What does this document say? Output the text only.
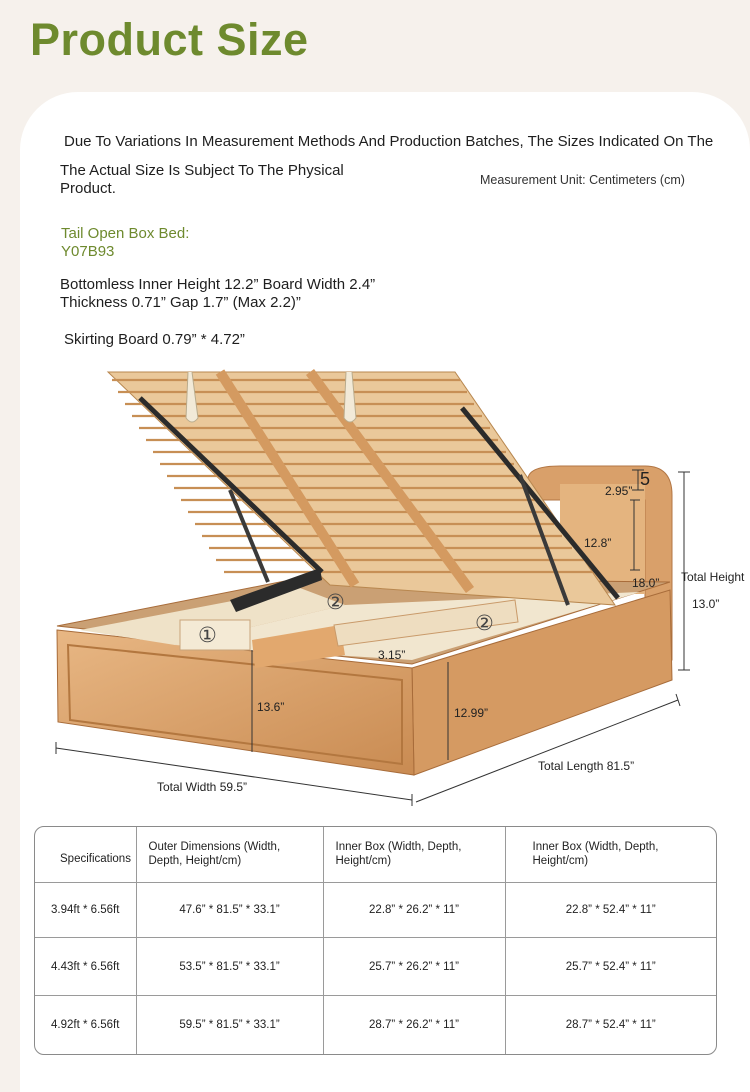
Product Size
Due To Variations In Measurement Methods And Production Batches, The Sizes Indicated On The
The Actual Size Is Subject To The Physical Product.	Measurement Unit: Centimeters (cm)
Tail Open Box Bed:
Y07B93
Bottomless Inner Height 12.2” Board Width 2.4” Thickness 0.71” Gap 1.7” (Max 2.2)”
Skirting Board 0.79” * 4.72”
①
②
②
2.95”
5
12.8”
18.0” Total Height
13.0”
13.6”	12.99”
3.15”
Total Width 59.5”
Total Length 81.5”
Specifications	Outer Dimensions (Width, Depth, Height/cm)	Inner Box (Width, Depth, Height/cm)	Inner Box (Width, Depth, Height/cm)
3.94ft * 6.56ft	47.6” * 81.5” * 33.1”	22.8” * 26.2” * 11”	22.8” * 52.4” * 11”
4.43ft * 6.56ft	53.5” * 81.5” * 33.1”	25.7” * 26.2” * 11”	25.7” * 52.4” * 11”
4.92ft * 6.56ft	59.5” * 81.5” * 33.1”	28.7” * 26.2” * 11”	28.7” * 52.4” * 11”
